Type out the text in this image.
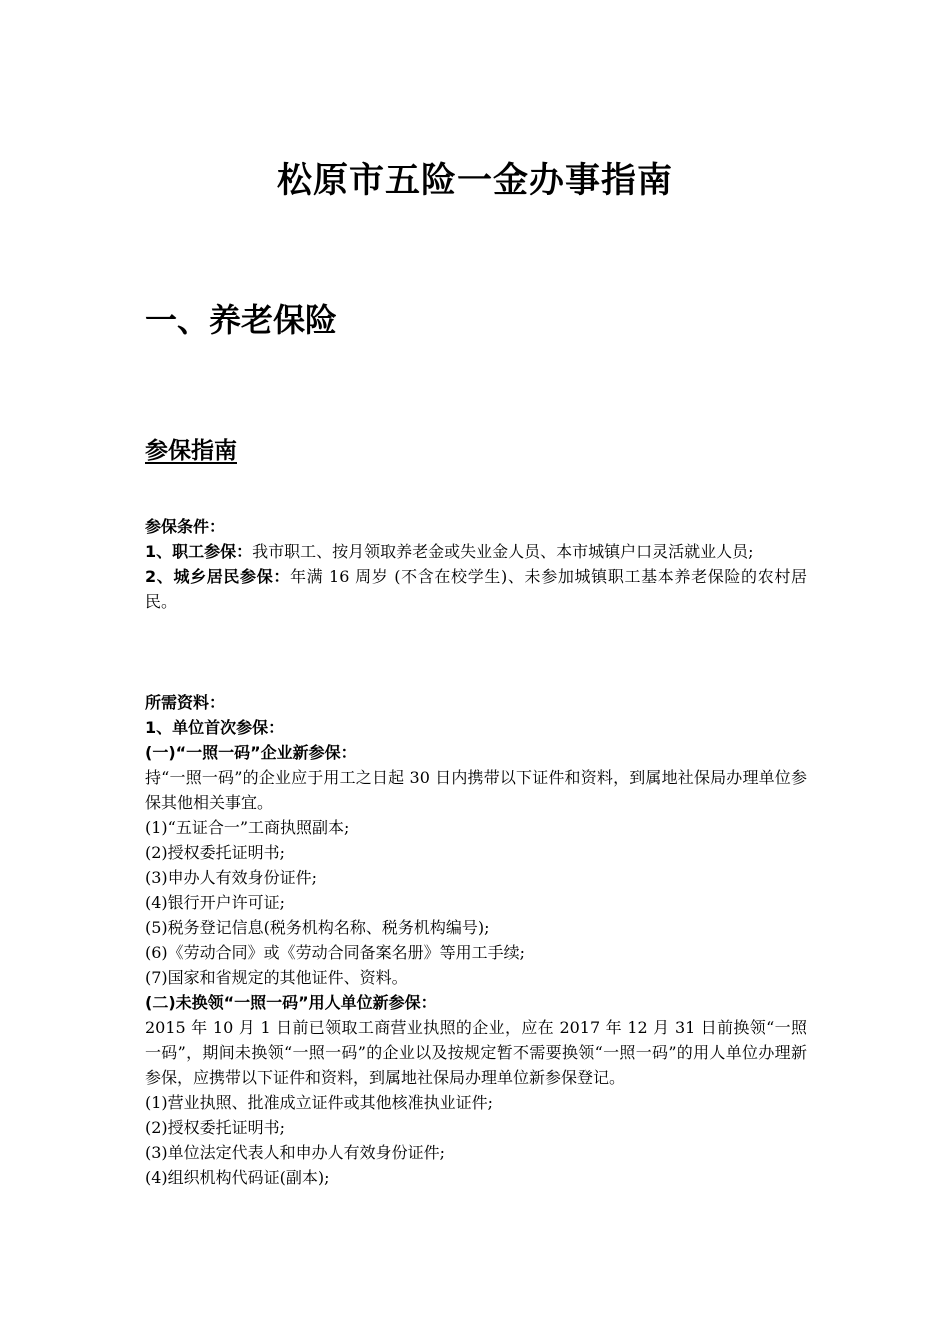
松原市五险一金办事指南
一、养老保险
参保指南

参保条件：

1、职工参保：我市职工、按月领取养老金或失业金人员、本市城镇户口灵活就业人员;

2、城乡居民参保：年满 16 周岁 (不含在校学生)、未参加城镇职工基本养老保险的农村居民。

所需资料：

1、单位首次参保：

(一)“一照一码”企业新参保：

持“一照一码”的企业应于用工之日起 30 日内携带以下证件和资料，到属地社保局办理单位参保其他相关事宜。

(1)“五证合一”工商执照副本;

(2)授权委托证明书;

(3)申办人有效身份证件;

(4)银行开户许可证;

(5)税务登记信息(税务机构名称、税务机构编号);

(6)《劳动合同》或《劳动合同备案名册》等用工手续;

(7)国家和省规定的其他证件、资料。

(二)未换领“一照一码”用人单位新参保：

2015 年 10 月 1 日前已领取工商营业执照的企业，应在 2017 年 12 月 31 日前换领“一照一码”，期间未换领“一照一码”的企业以及按规定暂不需要换领“一照一码”的用人单位办理新参保，应携带以下证件和资料，到属地社保局办理单位新参保登记。

(1)营业执照、批准成立证件或其他核准执业证件;

(2)授权委托证明书;

(3)单位法定代表人和申办人有效身份证件;

(4)组织机构代码证(副本);
